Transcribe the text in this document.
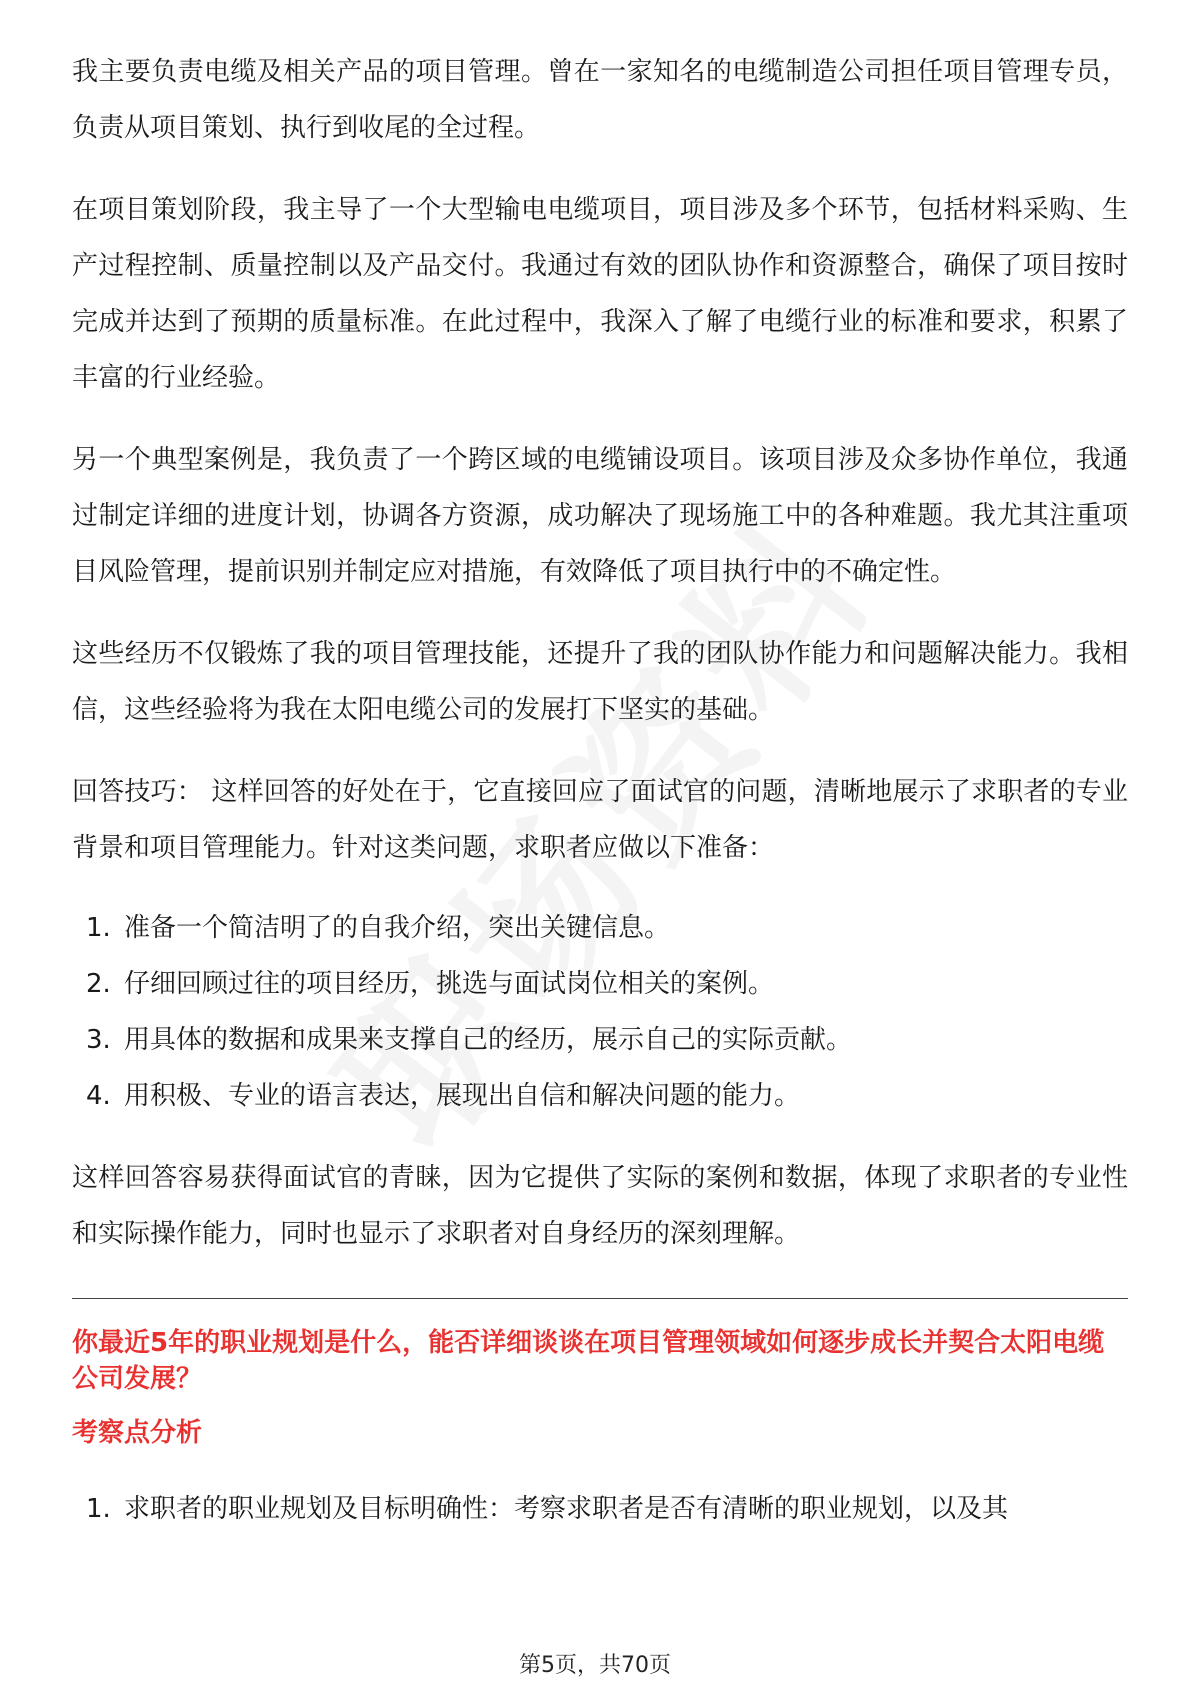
我主要负责电缆及相关产品的项目管理。曾在一家知名的电缆制造公司担任项目管理专员，负责从项目策划、执行到收尾的全过程。

在项目策划阶段，我主导了一个大型输电电缆项目，项目涉及多个环节，包括材料采购、生产过程控制、质量控制以及产品交付。我通过有效的团队协作和资源整合，确保了项目按时完成并达到了预期的质量标准。在此过程中，我深入了解了电缆行业的标准和要求，积累了丰富的行业经验。

另一个典型案例是，我负责了一个跨区域的电缆铺设项目。该项目涉及众多协作单位，我通过制定详细的进度计划，协调各方资源，成功解决了现场施工中的各种难题。我尤其注重项目风险管理，提前识别并制定应对措施，有效降低了项目执行中的不确定性。

这些经历不仅锻炼了我的项目管理技能，还提升了我的团队协作能力和问题解决能力。我相信，这些经验将为我在太阳电缆公司的发展打下坚实的基础。

回答技巧： 这样回答的好处在于，它直接回应了面试官的问题，清晰地展示了求职者的专业背景和项目管理能力。针对这类问题，求职者应做以下准备：

1. 准备一个简洁明了的自我介绍，突出关键信息。
2. 仔细回顾过往的项目经历，挑选与面试岗位相关的案例。
3. 用具体的数据和成果来支撑自己的经历，展示自己的实际贡献。
4. 用积极、专业的语言表达，展现出自信和解决问题的能力。

这样回答容易获得面试官的青睐，因为它提供了实际的案例和数据，体现了求职者的专业性和实际操作能力，同时也显示了求职者对自身经历的深刻理解。

你最近5年的职业规划是什么，能否详细谈谈在项目管理领域如何逐步成长并契合太阳电缆公司发展？
考察点分析
1. 求职者的职业规划及目标明确性：考察求职者是否有清晰的职业规划，以及其
第5页，共70页
